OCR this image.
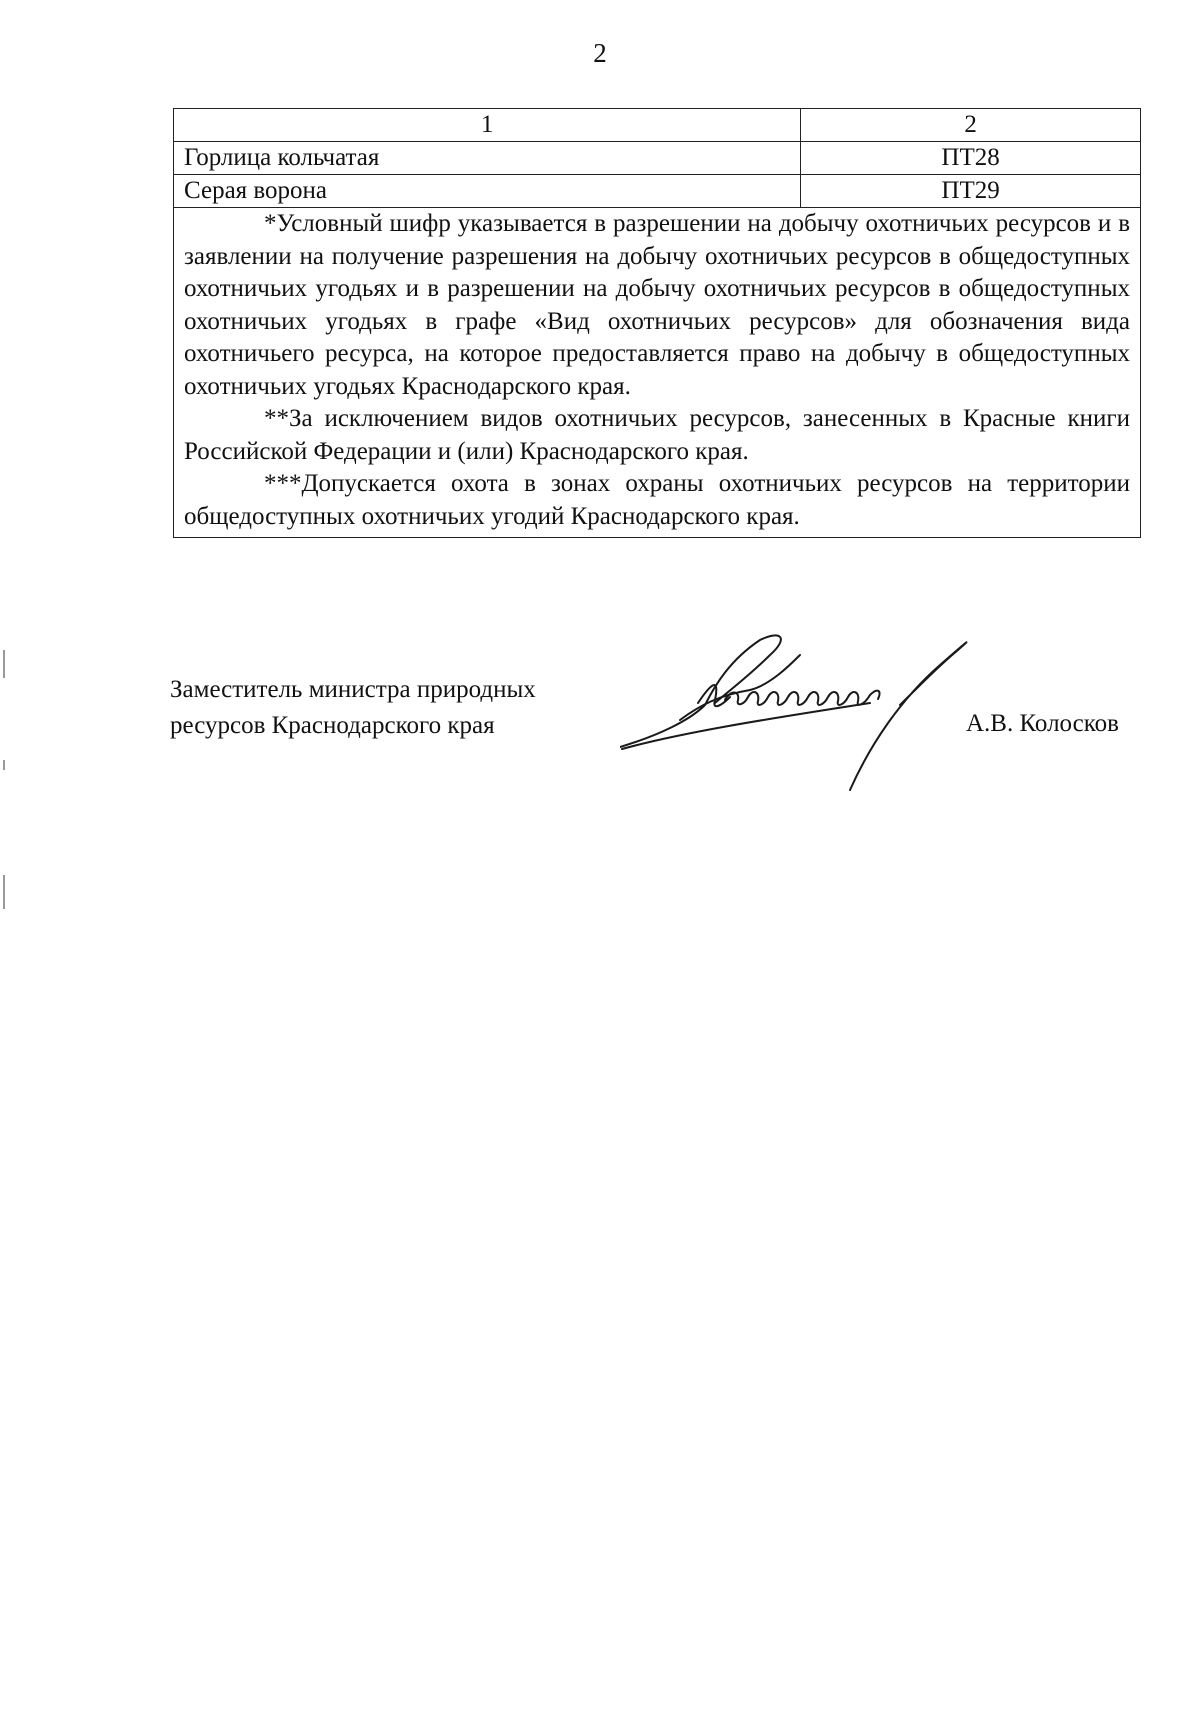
2
1	2
Горлица кольчатая	ПТ28
Серая ворона	ПТ29

*Условный шифр указывается в разрешении на добычу охотничьих ресурсов и в заявлении на получение разрешения на добычу охотничьих ресурсов в общедоступных охотничьих угодьях и в разрешении на добычу охотничьих ресурсов в общедоступных охотничьих угодьях в графе «Вид охотничьих ресурсов» для обозначения вида охотничьего ресурса, на которое предоставляется право на добычу в общедоступных охотничьих угодьях Краснодарского края.

**За исключением видов охотничьих ресурсов, занесенных в Красные книги Российской Федерации и (или) Краснодарского края.

***Допускается охота в зонах охраны охотничьих ресурсов на территории общедоступных охотничьих угодий Краснодарского края.	

Заместитель министра природных
ресурсов Краснодарского края	А.В. Колосков
